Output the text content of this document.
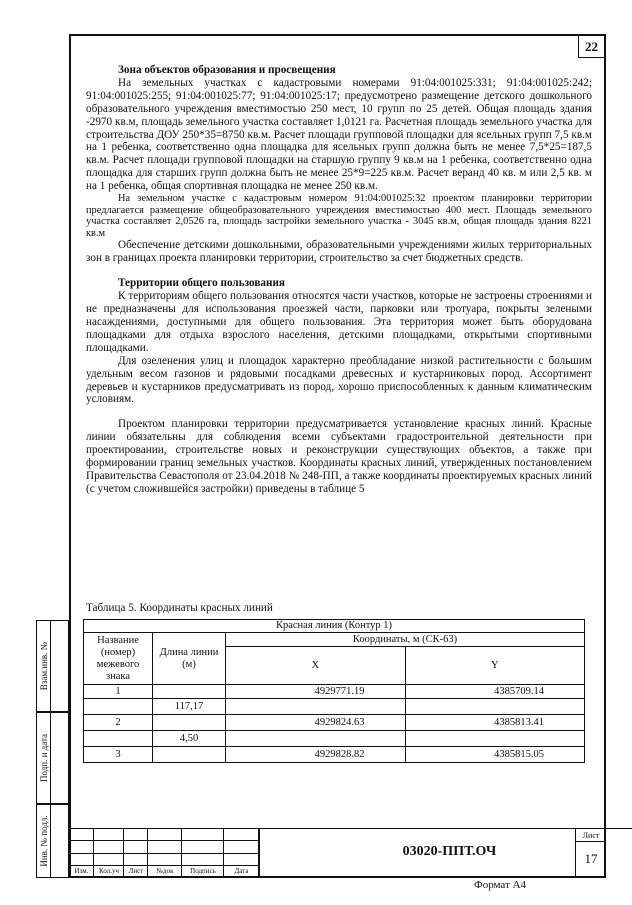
22

Зона объектов образования и просвещения

На земельных участках с кадастровыми номерами 91:04:001025:331; 91:04:001025:242; 91:04:001025:255; 91:04:001025:77; 91:04:001025:17; предусмотрено размещение детского дошкольного образовательного учреждения вместимостью 250 мест, 10 групп по 25 детей. Общая площадь здания -2970 кв.м, площадь земельного участка составляет 1,0121 га. Расчетная площадь земельного участка для строительства ДОУ 250*35=8750 кв.м. Расчет площади групповой площадки для ясельных групп 7,5 кв.м на 1 ребенка, соответственно одна площадка для ясельных групп должна быть не менее 7,5*25=187,5 кв.м. Расчет площади групповой площадки на старшую группу 9 кв.м на 1 ребенка, соответственно одна площадка для старших групп должна быть не менее 25*9=225 кв.м. Расчет веранд 40 кв. м или 2,5 кв. м на 1 ребенка, общая спортивная площадка не менее 250 кв.м.

На земельном участке с кадастровым номером 91:04:001025:32 проектом планировки территории предлагается размещение общеобразовательного учреждения вместимостью 400 мест. Площадь земельного участка составляет 2,0526 га, площадь застройки земельного участка - 3045 кв.м, общая площадь здания 8221 кв.м

Обеспечение детскими дошкольными, образовательными учреждениями жилых территориальных зон в границах проекта планировки территории, строительство за счет бюджетных средств.

Территории общего пользования

К территориям общего пользования относятся части участков, которые не застроены строениями и не предназначены для использования проезжей части, парковки или тротуара, покрыты зелеными насаждениями, доступными для общего пользования. Эта территория может быть оборудована площадками для отдыха взрослого населения, детскими площадками, открытыми спортивными площадками.

Для озеленения улиц и площадок характерно преобладание низкой растительности с большим удельным весом газонов и рядовыми посадками древесных и кустарниковых пород. Ассортимент деревьев и кустарников предусматривать из пород, хорошо приспособленных к данным климатическим условиям.

Проектом планировки территории предусматривается установление красных линий. Красные линии обязательны для соблюдения всеми субъектами градостроительной деятельности при проектировании, строительстве новых и реконструкции существующих объектов, а также при формировании границ земельных участков. Координаты красных линий, утвержденных постановлением Правительства Севастополя от 23.04.2018 № 248-ПП, а также координаты проектируемых красных линий (с учетом сложившейся застройки) приведены в таблице 5

Таблица 5. Координаты красных линий
Красная линия (Контур 1)			
Название (номер) межевого знака	Длина линии (м)	Координаты, м (СК-63)	
		X	Y
1		4929771.19	4385709.14
	117,17		
2		4929824.63	4385813.41
	4,50		
3		4929828.82	4385815.05
Взам.инв. №
Подп. и дата
Инв. № подл.
Изм.	Кол.уч	Лист	№док	Подпись	Дата
03020-ППТ.ОЧ
Лист
17
Формат А4
